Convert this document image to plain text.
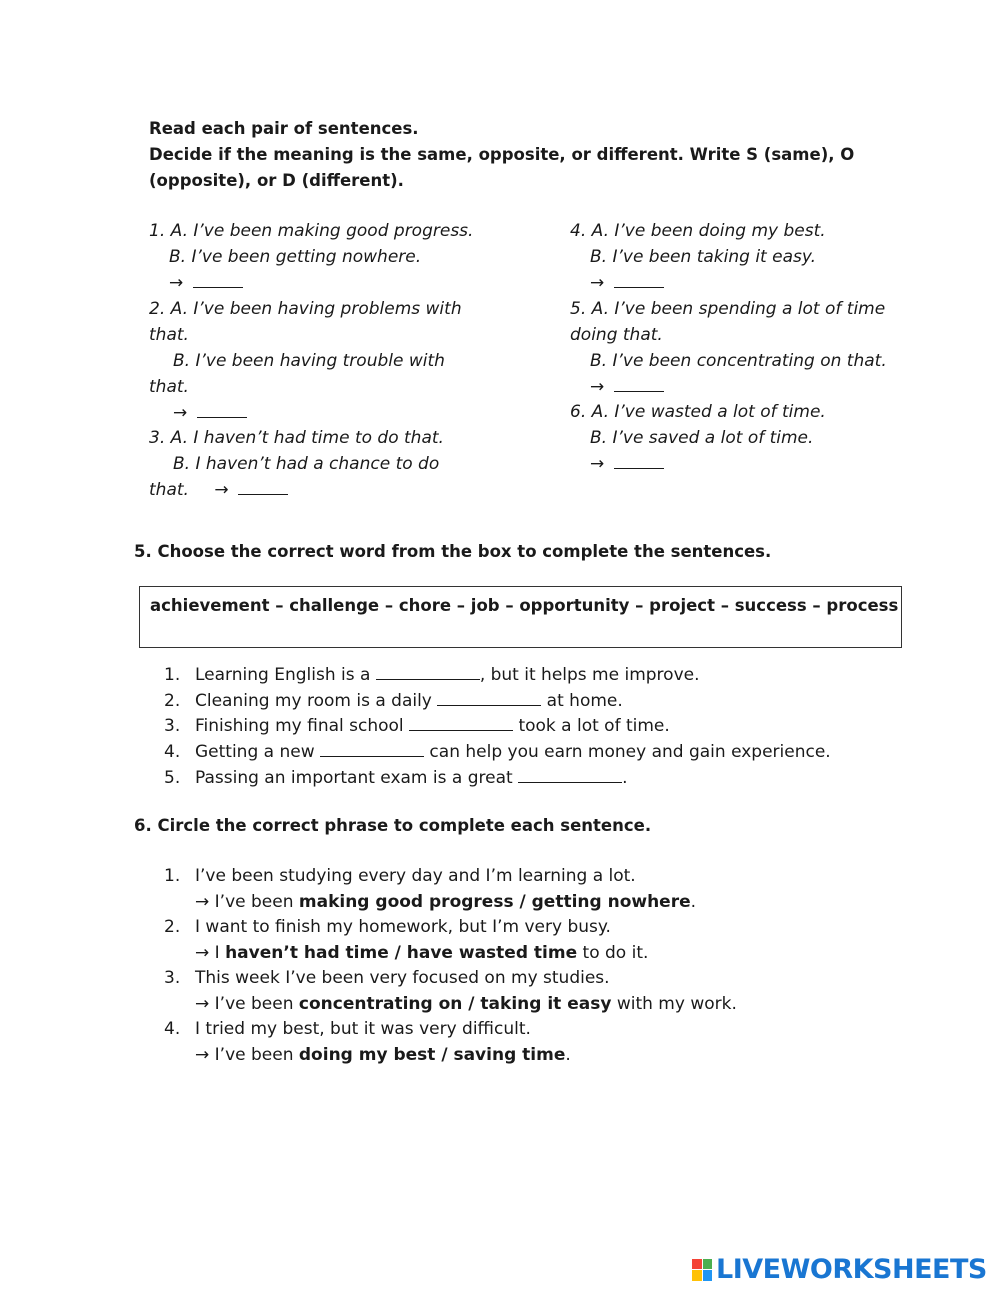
Read each pair of sentences.
Decide if the meaning is the same, opposite, or different. Write S (same), O
(opposite), or D (different).
1. A. I’ve been making good progress.
B. I’ve been getting nowhere.
→
2. A. I’ve been having problems with
that.
B. I’ve been having trouble with
that.
→
3. A. I haven’t had time to do that.
B. I haven’t had a chance to do
that. →
4. A. I’ve been doing my best.
B. I’ve been taking it easy.
→
5. A. I’ve been spending a lot of time
doing that.
B. I’ve been concentrating on that.
→
6. A. I’ve wasted a lot of time.
B. I’ve saved a lot of time.
→
5. Choose the correct word from the box to complete the sentences.
achievement – challenge – chore – job – opportunity – project – success – process
1. Learning English is a	, but it helps me improve.
2. Cleaning my room is a daily	at home.
3. Finishing my final school	took a lot of time.
4. Getting a new	can help you earn money and gain experience.
5. Passing an important exam is a great	.
6. Circle the correct phrase to complete each sentence.
1. I’ve been studying every day and I’m learning a lot.
→ I’ve been making good progress / getting nowhere.
2. I want to finish my homework, but I’m very busy.
→ I haven’t had time / have wasted time to do it.
3. This week I’ve been very focused on my studies.
→ I’ve been concentrating on / taking it easy with my work.
4. I tried my best, but it was very difficult.
→ I’ve been doing my best / saving time.
LIVEWORKSHEETS
